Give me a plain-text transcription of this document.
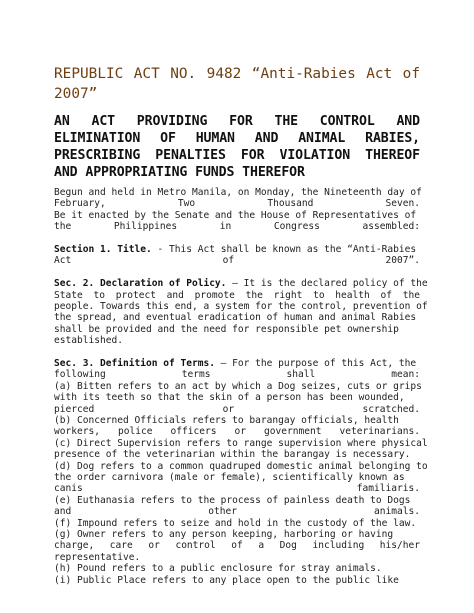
REPUBLIC ACT NO. 9482 “Anti-Rabies Act of 2007”
AN ACT PROVIDING FOR THE CONTROL AND ELIMINATION OF HUMAN AND ANIMAL RABIES, PRESCRIBING PENALTIES FOR VIOLATION THEREOF AND APPROPRIATING FUNDS THEREFOR
Begun and held in Metro Manila, on Monday, the Nineteenth day of
February, Two Thousand Seven.
Be it enacted by the Senate and the House of Representatives of
the Philippines in Congress assembled:
Section 1. Title. - This Act shall be known as the “Anti-Rabies
Act of 2007”.
Sec. 2. Declaration of Policy. – It is the declared policy of the
State to protect and promote the right to health of the
people. Towards this end, a system for the control, prevention of
the spread, and eventual eradication of human and animal Rabies
shall be provided and the need for responsible pet ownership
established.
Sec. 3. Definition of Terms. – For the purpose of this Act, the
following terms shall mean:
(a) Bitten refers to an act by which a Dog seizes, cuts or grips
with its teeth so that the skin of a person has been wounded,
pierced or scratched.
(b) Concerned Officials refers to barangay officials, health
workers, police officers or government veterinarians.
(c) Direct Supervision refers to range supervision where physical
presence of the veterinarian within the barangay is necessary.
(d) Dog refers to a common quadruped domestic animal belonging to
the order carnivora (male or female), scientifically known as
canis familiaris.
(e) Euthanasia refers to the process of painless death to Dogs
and other animals.
(f) Impound refers to seize and hold in the custody of the law.
(g) Owner refers to any person keeping, harboring or having
charge, care or control of a Dog including his/her
representative.
(h) Pound refers to a public enclosure for stray animals.
(i) Public Place refers to any place open to the public like
